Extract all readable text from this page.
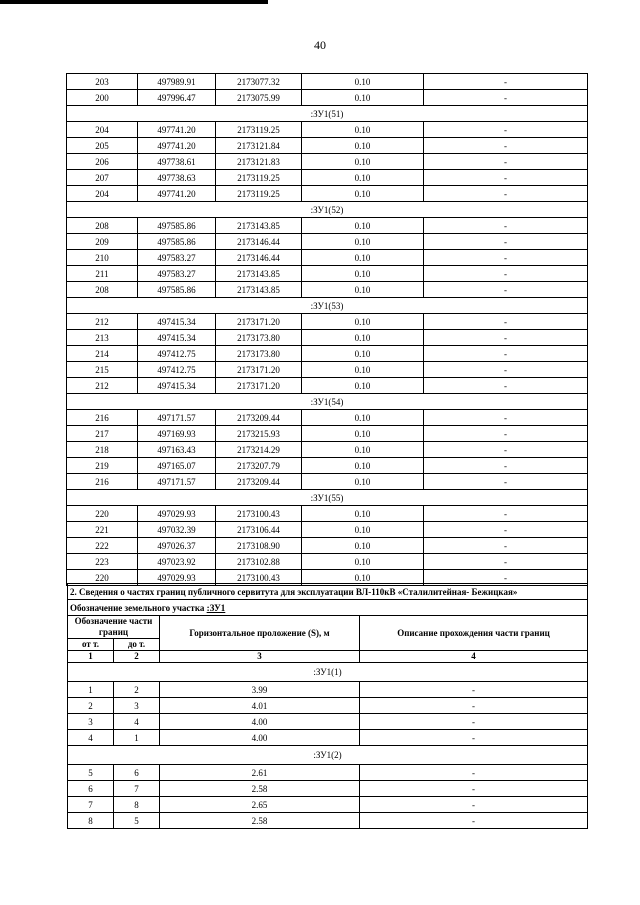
40
203	497989.91	2173077.32	0.10	-
200	497996.47	2173075.99	0.10	-
:ЗУ1(51)				
204	497741.20	2173119.25	0.10	-
205	497741.20	2173121.84	0.10	-
206	497738.61	2173121.83	0.10	-
207	497738.63	2173119.25	0.10	-
204	497741.20	2173119.25	0.10	-
:ЗУ1(52)				
208	497585.86	2173143.85	0.10	-
209	497585.86	2173146.44	0.10	-
210	497583.27	2173146.44	0.10	-
211	497583.27	2173143.85	0.10	-
208	497585.86	2173143.85	0.10	-
:ЗУ1(53)				
212	497415.34	2173171.20	0.10	-
213	497415.34	2173173.80	0.10	-
214	497412.75	2173173.80	0.10	-
215	497412.75	2173171.20	0.10	-
212	497415.34	2173171.20	0.10	-
:ЗУ1(54)				
216	497171.57	2173209.44	0.10	-
217	497169.93	2173215.93	0.10	-
218	497163.43	2173214.29	0.10	-
219	497165.07	2173207.79	0.10	-
216	497171.57	2173209.44	0.10	-
:ЗУ1(55)				
220	497029.93	2173100.43	0.10	-
221	497032.39	2173106.44	0.10	-
222	497026.37	2173108.90	0.10	-
223	497023.92	2173102.88	0.10	-
220	497029.93	2173100.43	0.10	-
2. Сведения о частях границ публичного сервитута для эксплуатации ВЛ-110кВ «Сталилитейная- Бежицкая»			
Обозначение земельного участка :ЗУ1			
Обозначение части границ		Горизонтальное проложение (S), м	Описание прохождения части границ
от т.	до т.		
1	2	3	4
:ЗУ1(1)			
1	2	3.99	-
2	3	4.01	-
3	4	4.00	-
4	1	4.00	-
:ЗУ1(2)			
5	6	2.61	-
6	7	2.58	-
7	8	2.65	-
8	5	2.58	-
